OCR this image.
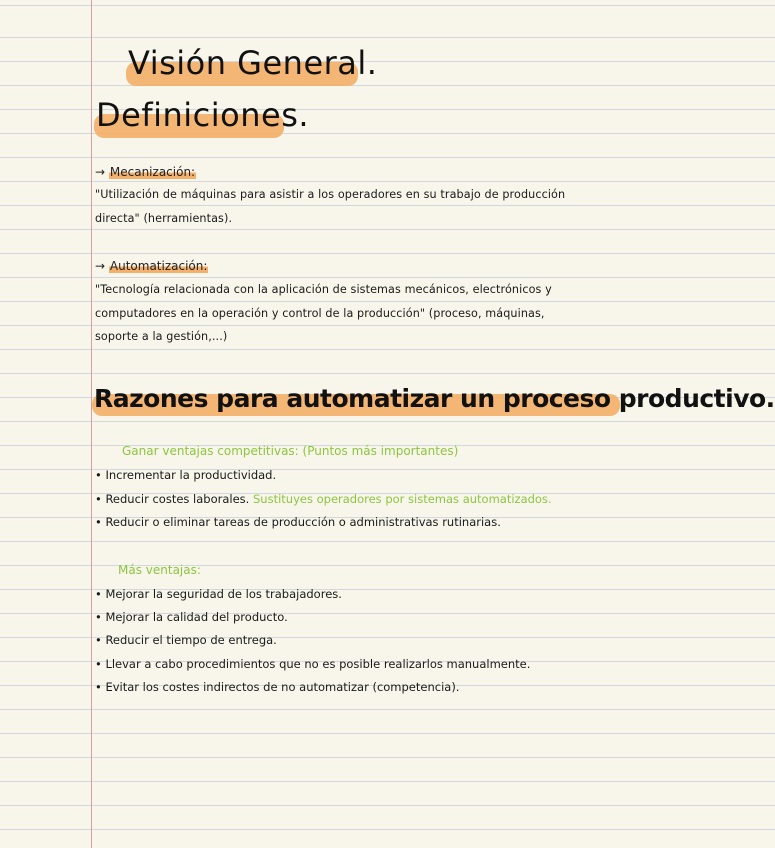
Visión General.
Definiciones.
→ Mecanización:
"Utilización de máquinas para asistir a los operadores en su trabajo de producción
directa" (herramientas).
→ Automatización:
"Tecnología relacionada con la aplicación de sistemas mecánicos, electrónicos y
computadores en la operación y control de la producción" (proceso, máquinas,
soporte a la gestión,...)
Razones para automatizar un proceso productivo.
Ganar ventajas competitivas: (Puntos más importantes)
• Incrementar la productividad.
• Reducir costes laborales. Sustituyes operadores por sistemas automatizados.
• Reducir o eliminar tareas de producción o administrativas rutinarias.
Más ventajas:
• Mejorar la seguridad de los trabajadores.
• Mejorar la calidad del producto.
• Reducir el tiempo de entrega.
• Llevar a cabo procedimientos que no es posible realizarlos manualmente.
• Evitar los costes indirectos de no automatizar (competencia).
